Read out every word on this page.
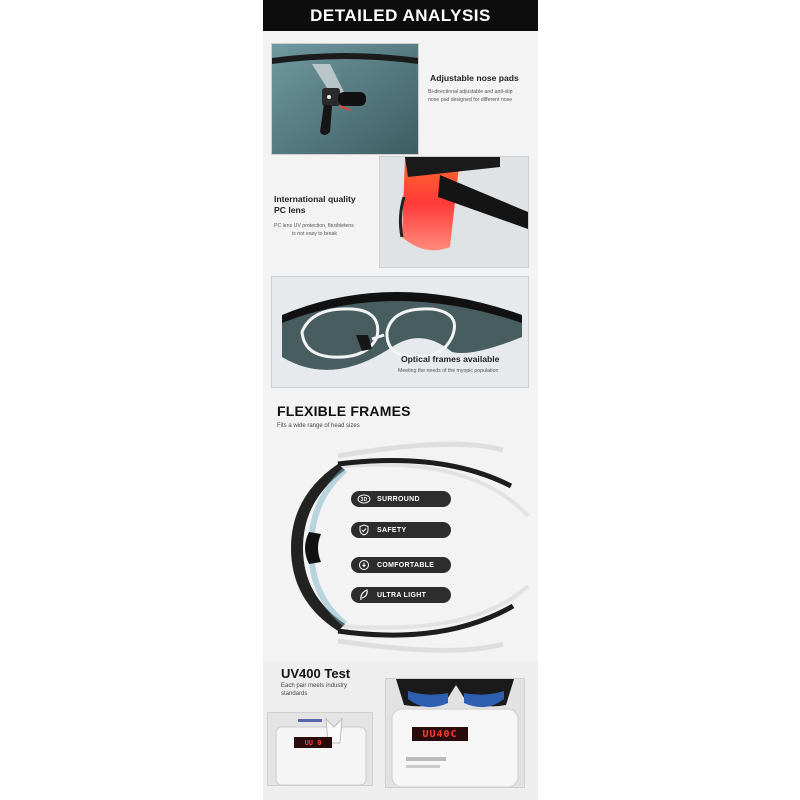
DETAILED ANALYSIS
Adjustable nose pads
Bi-directional adjustable and anti-slip
nose pad designed for different nose
International quality
PC lens
PC lens UV protection, flexibletens
is not easy to break
Optical frames available
Meeting the needs of the myopic population
FLEXIBLE FRAMES
Fits a wide range of head sizes
3D SURROUND
SAFETY
COMFORTABLE
ULTRA LIGHT
UV400 Test
Each pair meets industry standards
UU 0
UU40C
